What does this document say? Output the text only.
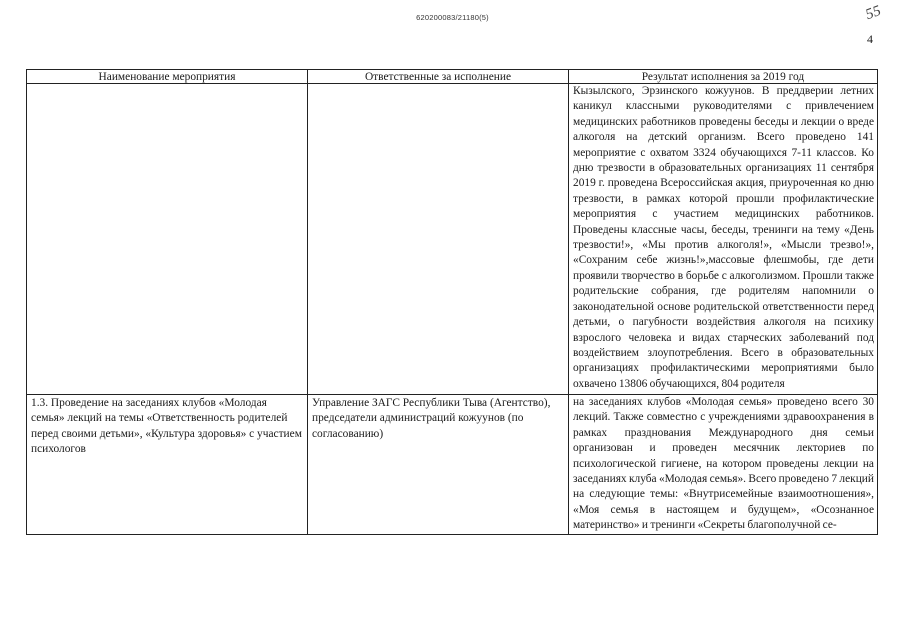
620200083/21180(5)	55
4
Наименование мероприятия	Ответственные за исполнение	Результат исполнения за 2019 год
		Кызылского, Эрзинского кожуунов. В преддверии летних каникул классными руководителями с привлечением медицинских работников проведены беседы и лекции о вреде алкоголя на детский организм. Всего проведено 141 мероприятие с охватом 3324 обучающихся 7-11 классов. Ко дню трезвости в образовательных организациях 11 сентября 2019 г. проведена Всероссийская акция, приуроченная ко дню трезвости, в рамках которой прошли профилактические мероприятия с участием медицинских работников. Проведены классные часы, беседы, тренинги на тему «День трезвости!», «Мы против алкоголя!», «Мысли трезво!», «Сохраним себе жизнь!»,массовые флешмобы, где дети проявили творчество в борьбе с алкоголизмом. Прошли также родительские собрания, где родителям напомнили о законодательной основе родительской ответственности перед детьми, о пагубности воздействия алкоголя на психику взрослого человека и видах старческих заболеваний под воздействием злоупотребления. Всего в образовательных организациях профилактическими мероприятиями было охвачено 13806 обучающихся, 804 родителя
1.3. Проведение на заседаниях клубов «Молодая семья» лекций на темы «Ответственность родителей перед своими детьми», «Культура здоровья» с участием психологов	Управление ЗАГС Республики Тыва (Агентство), председатели администраций кожуунов (по согласованию)	на заседаниях клубов «Молодая семья» проведено всего 30 лекций. Также совместно с учреждениями здравоохранения в рамках празднования Международного дня семьи организован и проведен месячник лекториев по психологической гигиене, на котором проведены лекции на заседаниях клуба «Молодая семья». Всего проведено 7 лекций на следующие темы: «Внутрисемейные взаимоотношения», «Моя семья в настоящем и будущем», «Осознанное материнство» и тренинги «Секреты благополучной се-
